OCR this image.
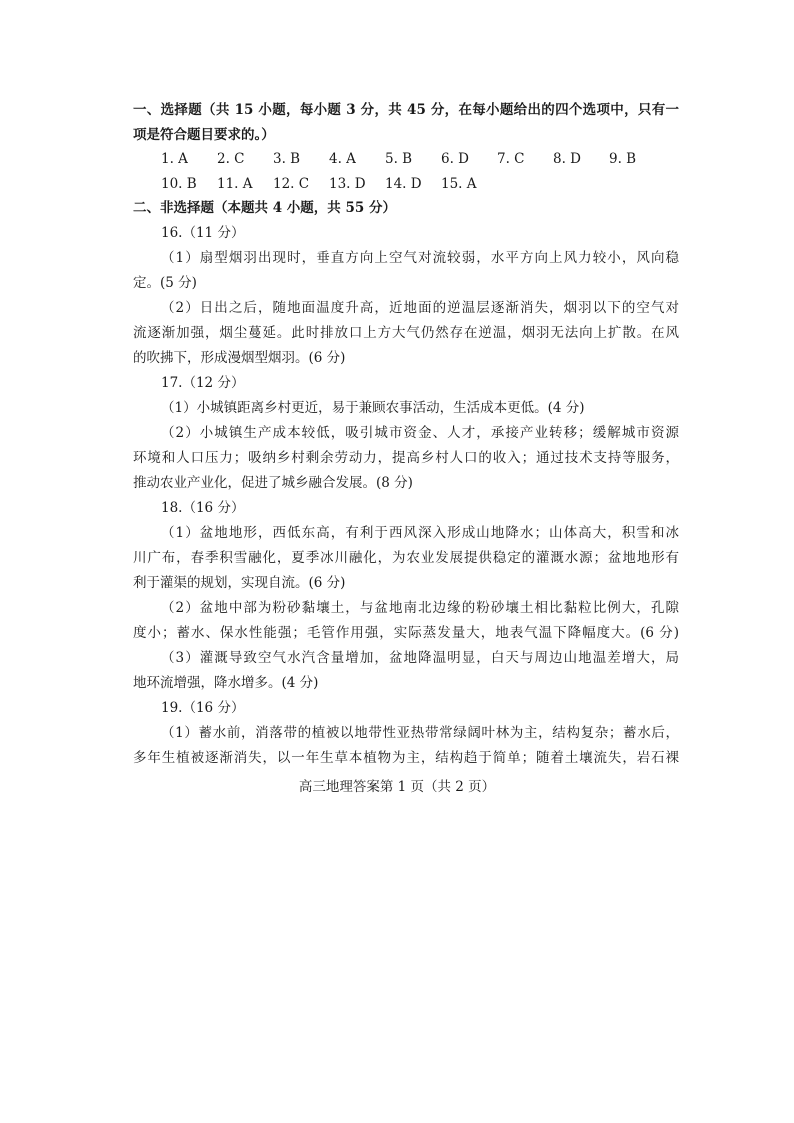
一、选择题（共 15 小题，每小题 3 分，共 45 分，在每小题给出的四个选项中，只有一
项是符合题目要求的。）
1. A 2. C 3. B 4. A 5. B 6. D 7. C 8. D 9. B
10. B 11. A 12. C 13. D 14. D 15. A
二、非选择题（本题共 4 小题，共 55 分）
16.（11 分）
（1）扇型烟羽出现时，垂直方向上空气对流较弱，水平方向上风力较小，风向稳
定。(5 分)
（2）日出之后，随地面温度升高，近地面的逆温层逐渐消失，烟羽以下的空气对
流逐渐加强，烟尘蔓延。此时排放口上方大气仍然存在逆温，烟羽无法向上扩散。在风
的吹拂下，形成漫烟型烟羽。(6 分)
17.（12 分）
（1）小城镇距离乡村更近，易于兼顾农事活动，生活成本更低。(4 分)
（2）小城镇生产成本较低，吸引城市资金、人才，承接产业转移；缓解城市资源
环境和人口压力；吸纳乡村剩余劳动力，提高乡村人口的收入；通过技术支持等服务，
推动农业产业化，促进了城乡融合发展。(8 分)
18.（16 分）
（1）盆地地形，西低东高，有利于西风深入形成山地降水；山体高大，积雪和冰
川广布，春季积雪融化，夏季冰川融化，为农业发展提供稳定的灌溉水源；盆地地形有
利于灌渠的规划，实现自流。(6 分)
（2）盆地中部为粉砂黏壤土，与盆地南北边缘的粉砂壤土相比黏粒比例大，孔隙
度小；蓄水、保水性能强；毛管作用强，实际蒸发量大，地表气温下降幅度大。(6 分)
（3）灌溉导致空气水汽含量增加，盆地降温明显，白天与周边山地温差增大，局
地环流增强，降水增多。(4 分)
19.（16 分）
（1）蓄水前，消落带的植被以地带性亚热带常绿阔叶林为主，结构复杂；蓄水后，
多年生植被逐渐消失，以一年生草本植物为主，结构趋于简单；随着土壤流失，岩石裸
高三地理答案第 1 页（共 2 页）
